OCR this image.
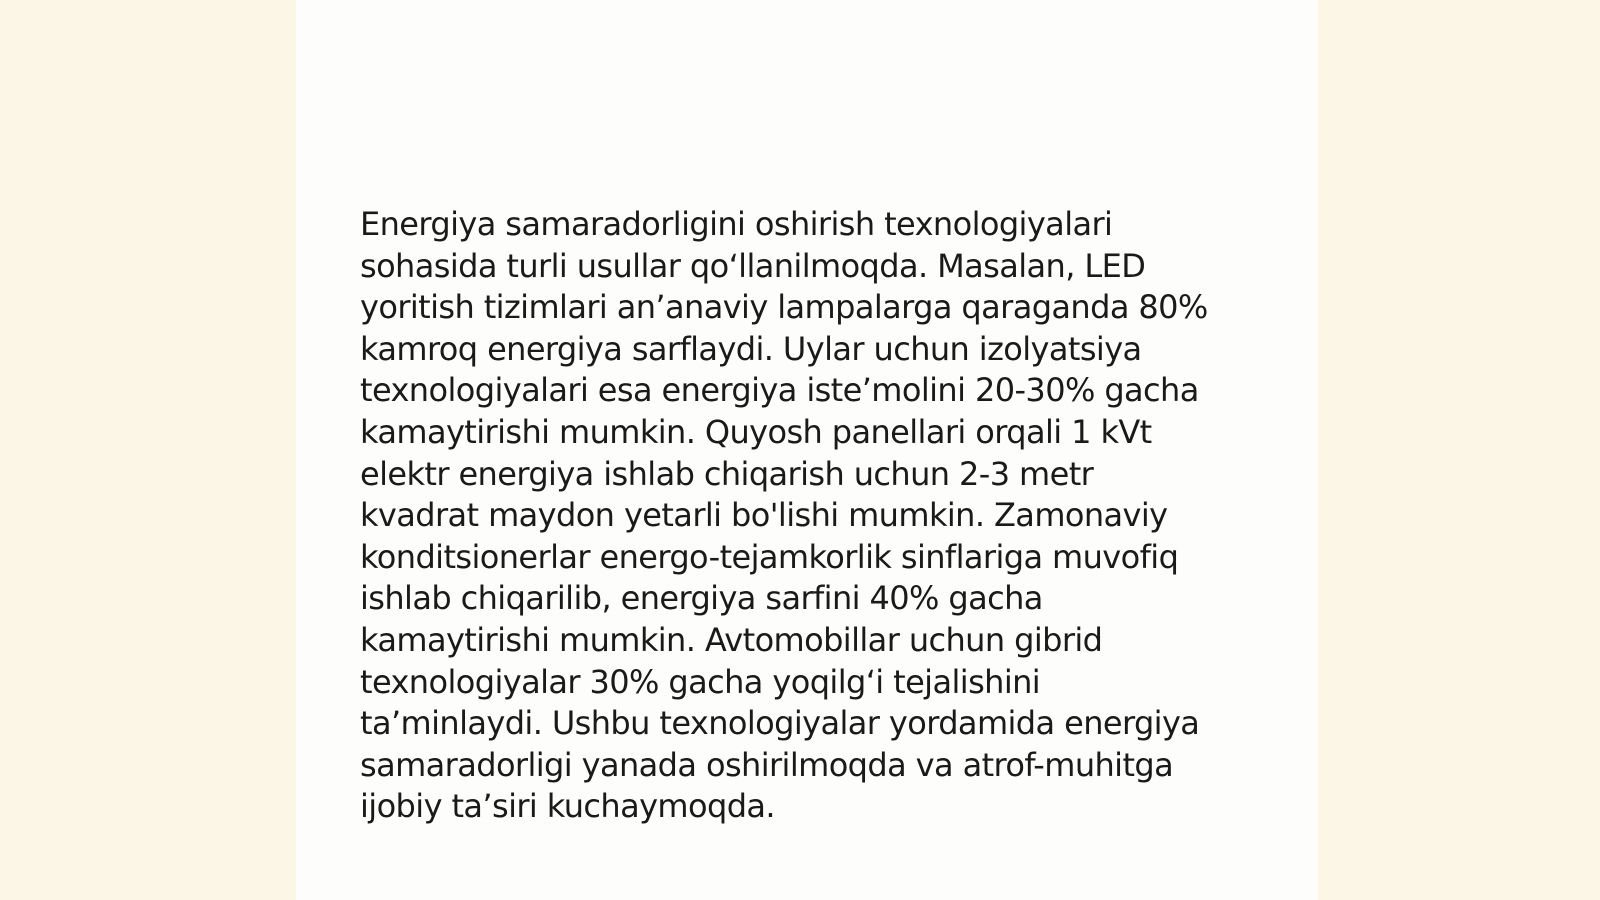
Energiya samaradorligini oshirish texnologiyalari
sohasida turli usullar qo‘llanilmoqda. Masalan, LED
yoritish tizimlari an’anaviy lampalarga qaraganda 80%
kamroq energiya sarflaydi. Uylar uchun izolyatsiya
texnologiyalari esa energiya iste’molini 20-30% gacha
kamaytirishi mumkin. Quyosh panellari orqali 1 kVt
elektr energiya ishlab chiqarish uchun 2-3 metr
kvadrat maydon yetarli bo'lishi mumkin. Zamonaviy
konditsionerlar energo-tejamkorlik sinflariga muvofiq
ishlab chiqarilib, energiya sarfini 40% gacha
kamaytirishi mumkin. Avtomobillar uchun gibrid
texnologiyalar 30% gacha yoqilg‘i tejalishini
ta’minlaydi. Ushbu texnologiyalar yordamida energiya
samaradorligi yanada oshirilmoqda va atrof-muhitga
ijobiy ta’siri kuchaymoqda.
